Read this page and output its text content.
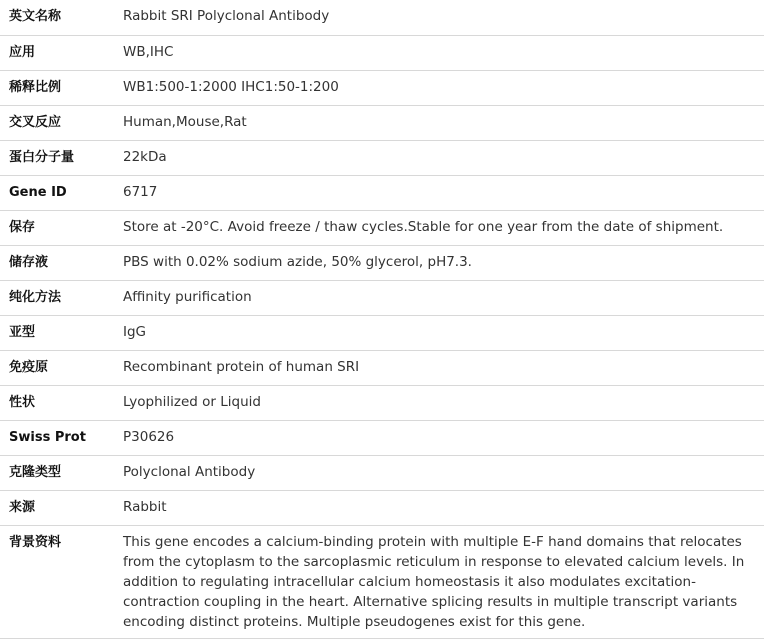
英文名称	Rabbit SRI Polyclonal Antibody
应用	WB,IHC
稀释比例	WB1:500-1:2000 IHC1:50-1:200
交叉反应	Human,Mouse,Rat
蛋白分子量	22kDa
Gene ID	6717
保存	Store at -20°C. Avoid freeze / thaw cycles.Stable for one year from the date of shipment.
储存液	PBS with 0.02% sodium azide, 50% glycerol, pH7.3.
纯化方法	Affinity purification
亚型	IgG
免疫原	Recombinant protein of human SRI
性状	Lyophilized or Liquid
Swiss Prot	P30626
克隆类型	Polyclonal Antibody
来源	Rabbit
背景资料	This gene encodes a calcium-binding protein with multiple E-F hand domains that relocates from the cytoplasm to the sarcoplasmic reticulum in response to elevated calcium levels. In addition to regulating intracellular calcium homeostasis it also modulates excitation-contraction coupling in the heart. Alternative splicing results in multiple transcript variants encoding distinct proteins. Multiple pseudogenes exist for this gene.
